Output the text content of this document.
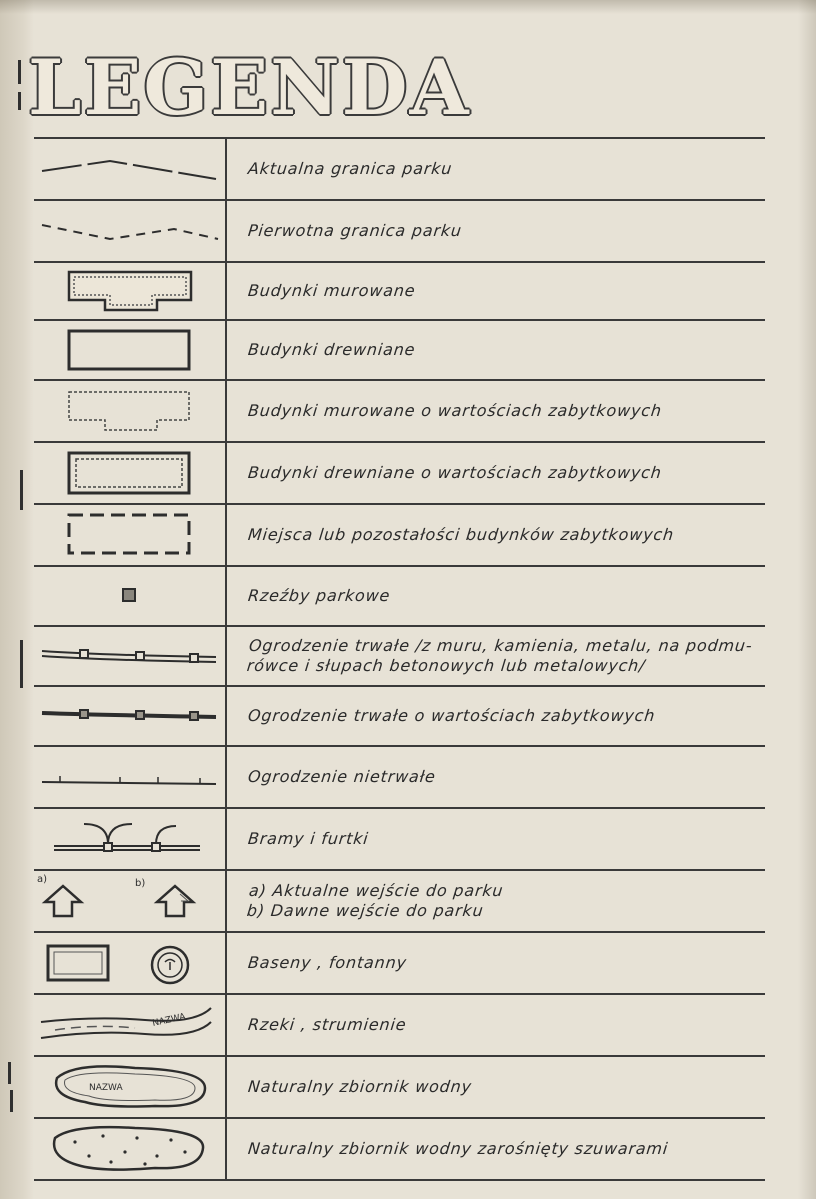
LEGENDA
Aktualna granica parku
Pierwotna granica parku
Budynki murowane
Budynki drewniane
Budynki murowane o wartościach zabytkowych
Budynki drewniane o wartościach zabytkowych
Miejsca lub pozostałości budynków zabytkowych
Rzeźby parkowe
Ogrodzenie trwałe /z muru, kamienia, metalu, na podmu-
rówce i słupach betonowych lub metalowych/
Ogrodzenie trwałe o wartościach zabytkowych
Ogrodzenie nietrwałe
Bramy i furtki
a)	b)	a) Aktualne wejście do parku
b) Dawne wejście do parku
Baseny , fontanny
NAZWA	Rzeki , strumienie
NAZWA	Naturalny zbiornik wodny
Naturalny zbiornik wodny zarośnięty szuwarami
